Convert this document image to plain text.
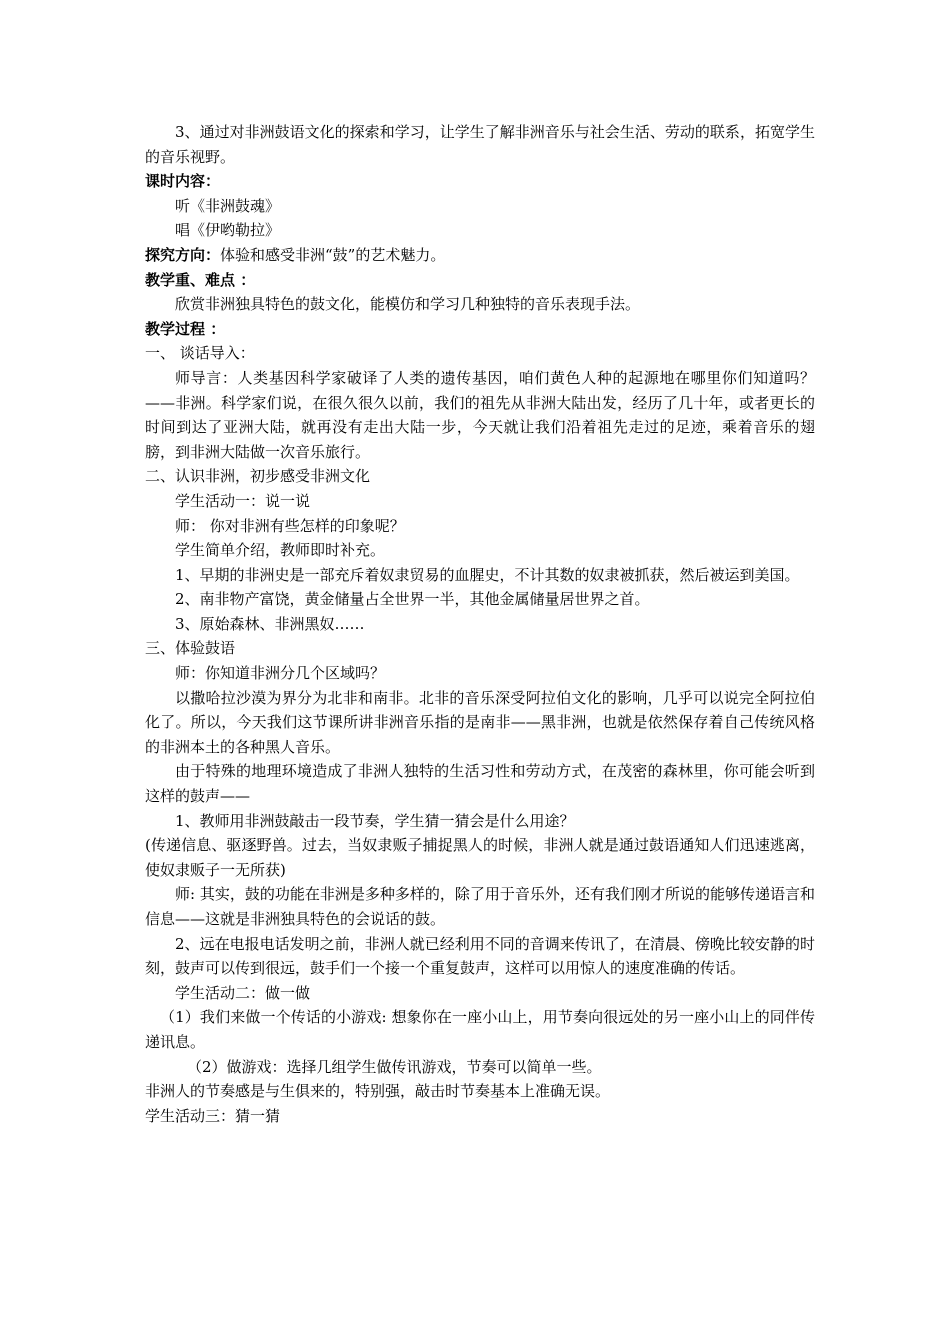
3、通过对非洲鼓语文化的探索和学习，让学生了解非洲音乐与社会生活、劳动的联系，拓宽学生的音乐视野。

课时内容：

听《非洲鼓魂》

唱《伊哟勒拉》

探究方向：体验和感受非洲“鼓”的艺术魅力。

教学重、难点 ：

欣赏非洲独具特色的鼓文化，能模仿和学习几种独特的音乐表现手法。

教学过程 ：

一、 谈话导入：

师导言：人类基因科学家破译了人类的遗传基因，咱们黄色人种的起源地在哪里你们知道吗？——非洲。科学家们说，在很久很久以前，我们的祖先从非洲大陆出发，经历了几十年，或者更长的时间到达了亚洲大陆，就再没有走出大陆一步，今天就让我们沿着祖先走过的足迹，乘着音乐的翅膀，到非洲大陆做一次音乐旅行。

二、认识非洲，初步感受非洲文化

学生活动一：说一说

师： 你对非洲有些怎样的印象呢？

学生简单介绍，教师即时补充。

1、早期的非洲史是一部充斥着奴隶贸易的血腥史，不计其数的奴隶被抓获，然后被运到美国。

2、南非物产富饶，黄金储量占全世界一半，其他金属储量居世界之首。

3、原始森林、非洲黑奴……

三、体验鼓语

师：你知道非洲分几个区域吗？

以撒哈拉沙漠为界分为北非和南非。北非的音乐深受阿拉伯文化的影响，几乎可以说完全阿拉伯化了。所以，今天我们这节课所讲非洲音乐指的是南非——黑非洲，也就是依然保存着自己传统风格的非洲本土的各种黑人音乐。

由于特殊的地理环境造成了非洲人独特的生活习性和劳动方式，在茂密的森林里，你可能会听到这样的鼓声——

1、教师用非洲鼓敲击一段节奏，学生猜一猜会是什么用途？

(传递信息、驱逐野兽。过去，当奴隶贩子捕捉黑人的时候，非洲人就是通过鼓语通知人们迅速逃离，使奴隶贩子一无所获)

师: 其实，鼓的功能在非洲是多种多样的，除了用于音乐外，还有我们刚才所说的能够传递语言和信息——这就是非洲独具特色的会说话的鼓。

2、远在电报电话发明之前，非洲人就已经利用不同的音调来传讯了，在清晨、傍晚比较安静的时刻，鼓声可以传到很远，鼓手们一个接一个重复鼓声，这样可以用惊人的速度准确的传话。

学生活动二：做一做

（1）我们来做一个传话的小游戏: 想象你在一座小山上，用节奏向很远处的另一座小山上的同伴传递讯息。

（2）做游戏：选择几组学生做传讯游戏，节奏可以简单一些。

非洲人的节奏感是与生俱来的，特别强，敲击时节奏基本上准确无误。

学生活动三：猜一猜
